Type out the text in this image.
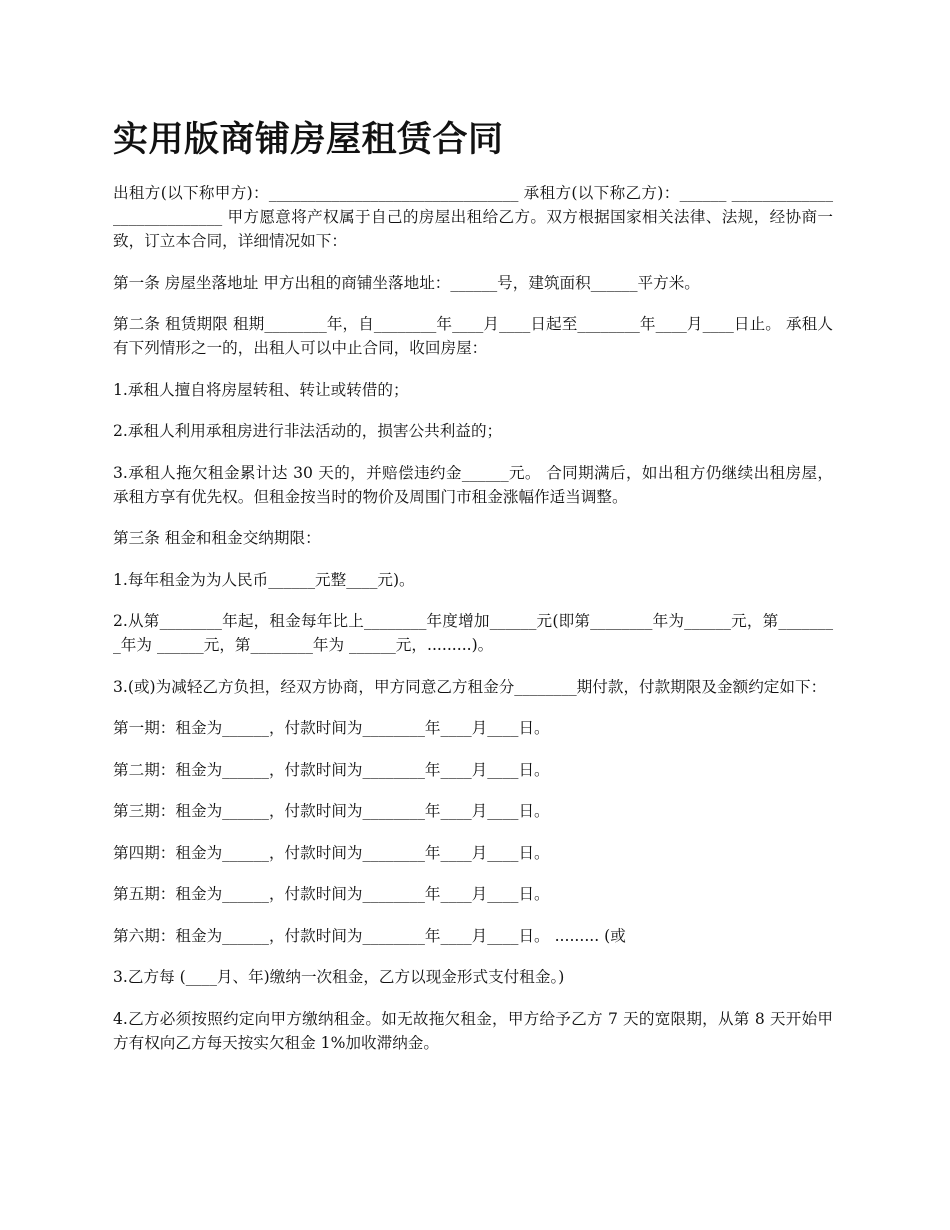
实用版商铺房屋租赁合同

出租方(以下称甲方)：________________________________ 承租方(以下称乙方)：______ ___________________________ 甲方愿意将产权属于自己的房屋出租给乙方。双方根据国家相关法律、法规，经协商一致，订立本合同，详细情况如下：

第一条 房屋坐落地址 甲方出租的商铺坐落地址：______号，建筑面积______平方米。

第二条 租赁期限 租期________年，自________年____月____日起至________年____月____日止。 承租人有下列情形之一的，出租人可以中止合同，收回房屋：

1.承租人擅自将房屋转租、转让或转借的；

2.承租人利用承租房进行非法活动的，损害公共利益的；

3.承租人拖欠租金累计达 30 天的，并赔偿违约金______元。 合同期满后，如出租方仍继续出租房屋，承租方享有优先权。但租金按当时的物价及周围门市租金涨幅作适当调整。

第三条 租金和租金交纳期限：

1.每年租金为为人民币______元整____元)。

2.从第________年起，租金每年比上________年度增加______元(即第________年为______元，第________年为 ______元，第________年为 ______元，.........)。

3.(或)为减轻乙方负担，经双方协商，甲方同意乙方租金分________期付款，付款期限及金额约定如下：

第一期：租金为______，付款时间为________年____月____日。

第二期：租金为______，付款时间为________年____月____日。

第三期：租金为______，付款时间为________年____月____日。

第四期：租金为______，付款时间为________年____月____日。

第五期：租金为______，付款时间为________年____月____日。

第六期：租金为______，付款时间为________年____月____日。 ......... (或

3.乙方每 (____月、年)缴纳一次租金，乙方以现金形式支付租金。)

4.乙方必须按照约定向甲方缴纳租金。如无故拖欠租金，甲方给予乙方 7 天的宽限期，从第 8 天开始甲方有权向乙方每天按实欠租金 1%加收滞纳金。
